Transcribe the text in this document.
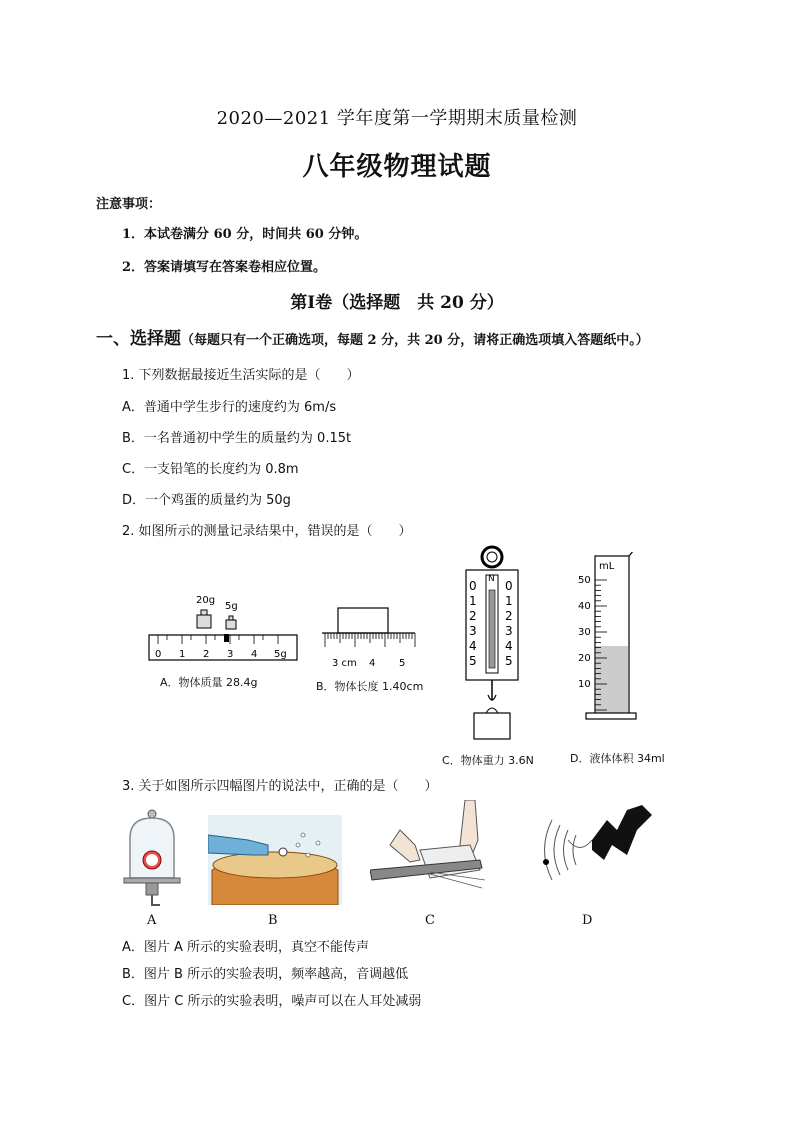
2020—2021 学年度第一学期期末质量检测
八年级物理试题
注意事项：
1．本试卷满分 60 分，时间共 60 分钟。
2．答案请填写在答案卷相应位置。
第Ⅰ卷（选择题　共 20 分）
一、选择题（每题只有一个正确选项，每题 2 分，共 20 分，请将正确选项填入答题纸中。）
1. 下列数据最接近生活实际的是（　　）
A．普通中学生步行的速度约为 6m/s
B．一名普通初中学生的质量约为 0.15t
C．一支铅笔的长度约为 0.8m
D．一个鸡蛋的质量约为 50g
2. 如图所示的测量记录结果中，错误的是（　　）
20g
5g
0 1 2 3 4 5g
A．物体质量 28.4g
3 cm 4 5
B．物体长度 1.40cm
N
0 0
1 1
2 2
3 3
4 4
5 5
C．物体重力 3.6N
mL
50
40
30
20
10
D．液体体积 34ml
3. 关于如图所示四幅图片的说法中，正确的是（　　）
A	B	C	D
A．图片 A 所示的实验表明，真空不能传声
B．图片 B 所示的实验表明，频率越高，音调越低
C．图片 C 所示的实验表明，噪声可以在人耳处减弱
